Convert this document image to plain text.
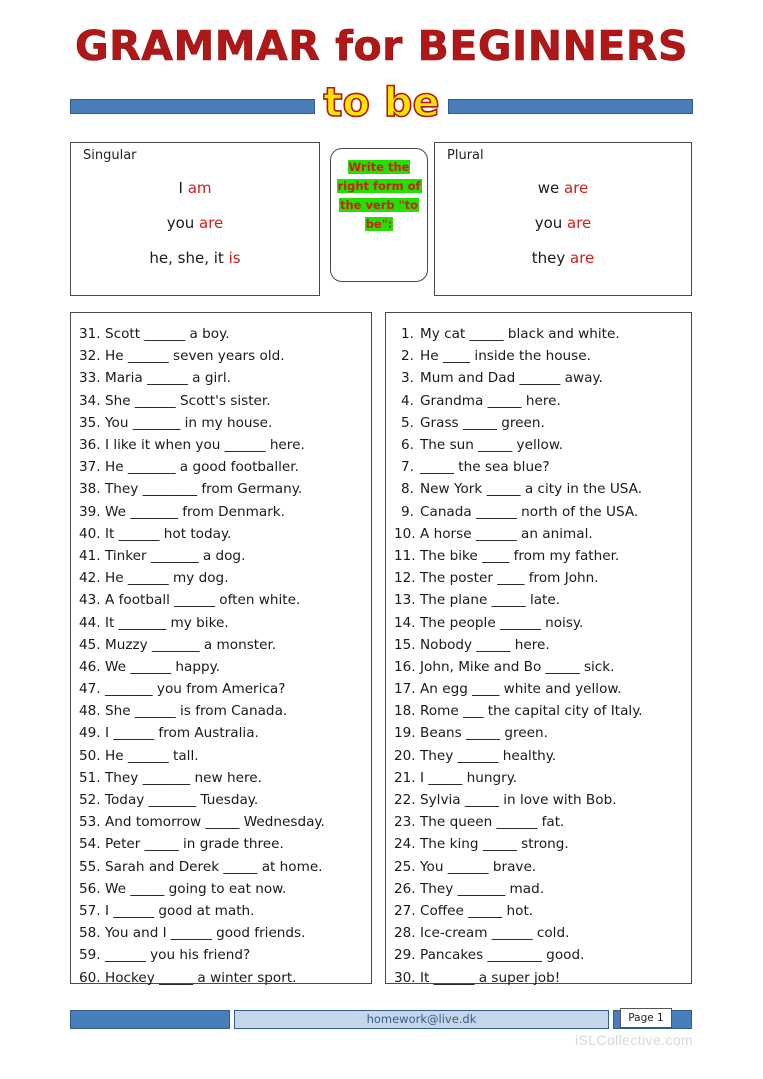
GRAMMAR for BEGINNERS
to be
Singular
I am
you are
he, she, it is
Write the right form of the verb "to be":
Plural
we are
you are
they are
31. Scott ______ a boy.
32. He ______ seven years old.
33. Maria ______ a girl.
34. She ______ Scott's sister.
35. You _______ in my house.
36. I like it when you ______ here.
37. He _______ a good footballer.
38. They ________ from Germany.
39. We _______ from Denmark.
40. It ______ hot today.
41. Tinker _______ a dog.
42. He ______ my dog.
43. A football ______ often white.
44. It _______ my bike.
45. Muzzy _______ a monster.
46. We ______ happy.
47. _______ you from America?
48. She ______ is from Canada.
49. I ______ from Australia.
50. He ______ tall.
51. They _______ new here.
52. Today _______ Tuesday.
53. And tomorrow _____ Wednesday.
54. Peter _____ in grade three.
55. Sarah and Derek _____ at home.
56. We _____ going to eat now.
57. I ______ good at math.
58. You and I ______ good friends.
59. ______ you his friend?
60. Hockey _____ a winter sport.
1. My cat _____ black and white.
2. He ____ inside the house.
3. Mum and Dad ______ away.
4. Grandma _____ here.
5. Grass _____ green.
6. The sun _____ yellow.
7. _____ the sea blue?
8. New York _____ a city in the USA.
9. Canada ______ north of the USA.
10. A horse ______ an animal.
11. The bike ____ from my father.
12. The poster ____ from John.
13. The plane _____ late.
14. The people ______ noisy.
15. Nobody _____ here.
16. John, Mike and Bo _____ sick.
17. An egg ____ white and yellow.
18. Rome ___ the capital city of Italy.
19. Beans _____ green.
20. They ______ healthy.
21. I _____ hungry.
22. Sylvia _____ in love with Bob.
23. The queen ______ fat.
24. The king _____ strong.
25. You ______ brave.
26. They _______ mad.
27. Coffee _____ hot.
28. Ice-cream ______ cold.
29. Pancakes ________ good.
30. It ______ a super job!
homework@live.dk	Page 1
iSLCollective.com
